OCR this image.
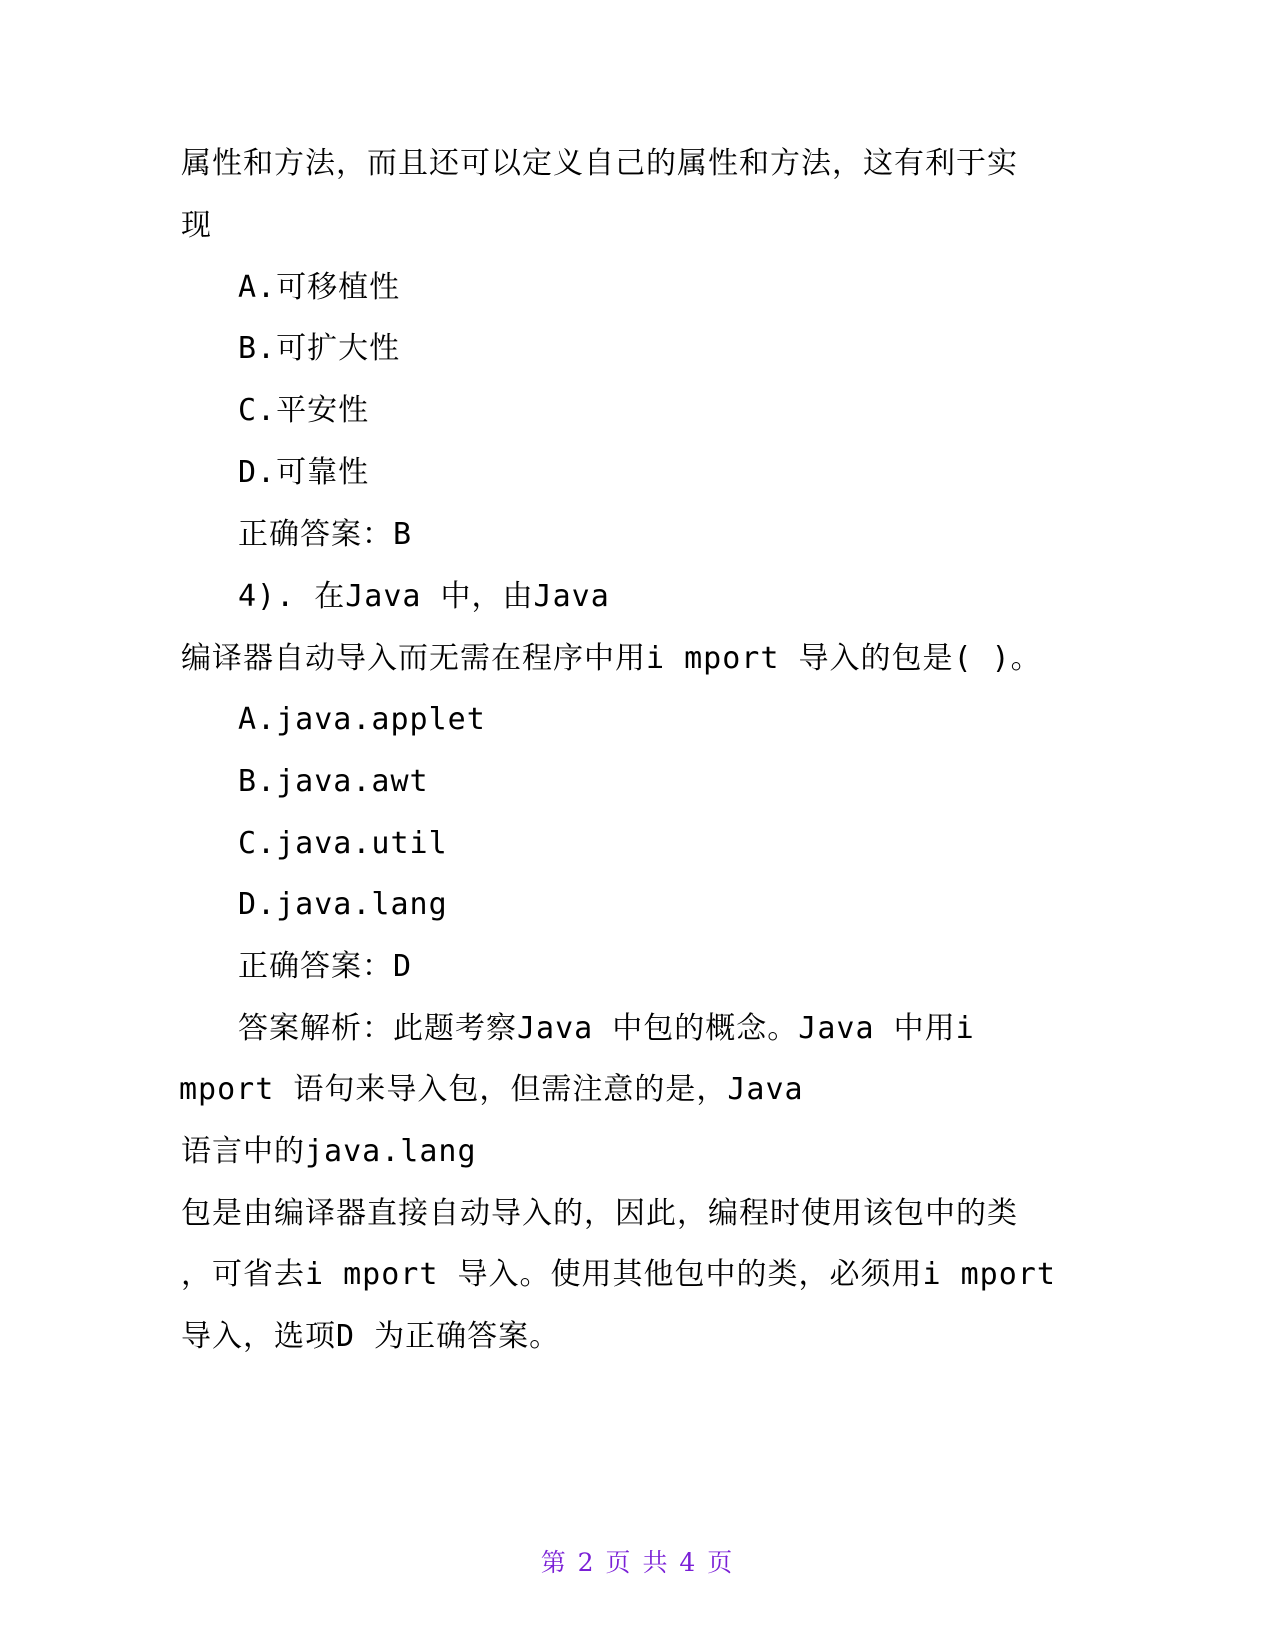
属性和方法，而且还可以定义自己的属性和方法，这有利于实
现
A.可移植性
B.可扩大性
C.平安性
D.可靠性
正确答案：B
4). 在Java 中，由Java
编译器自动导入而无需在程序中用i mport 导入的包是( )。
A.java.applet
B.java.awt
C.java.util
D.java.lang
正确答案：D
答案解析：此题考察Java 中包的概念。Java 中用i
mport 语句来导入包，但需注意的是，Java
语言中的java.lang
包是由编译器直接自动导入的，因此，编程时使用该包中的类
，可省去i mport 导入。使用其他包中的类，必须用i mport
导入，选项D 为正确答案。
第 2 页 共 4 页
